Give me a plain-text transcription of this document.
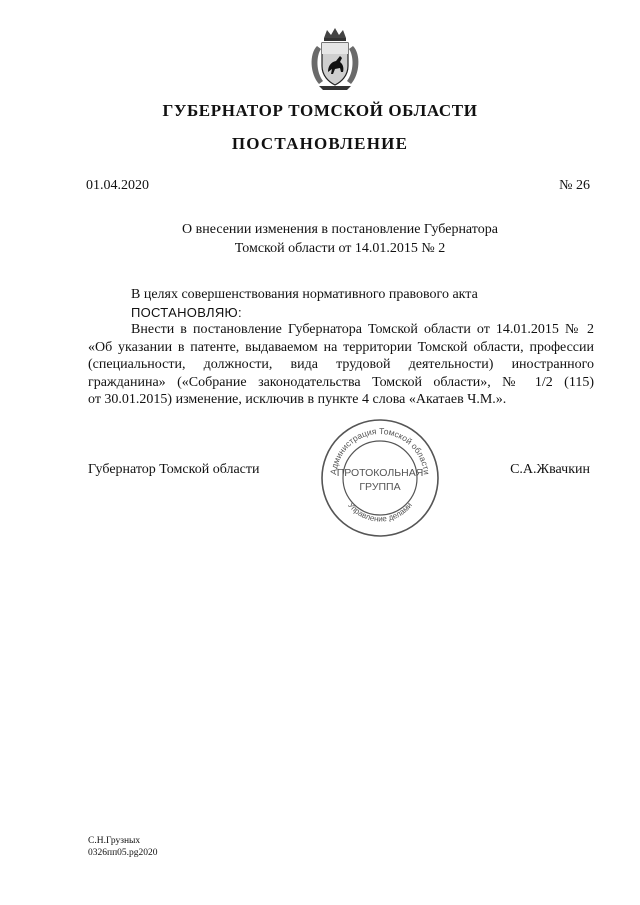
ГУБЕРНАТОР ТОМСКОЙ ОБЛАСТИ
ПОСТАНОВЛЕНИЕ
01.04.2020	№ 26
О внесении изменения в постановление Губернатора
Томской области от 14.01.2015 № 2
В целях совершенствования нормативного правового акта
ПОСТАНОВЛЯЮ:
Внести в постановление Губернатора Томской области от 14.01.2015 № 2
«Об указании в патенте, выдаваемом на территории Томской области, профессии
(специальности, должности, вида трудовой деятельности) иностранного
гражданина» («Собрание законодательства Томской области», № 1/2 (115)
от 30.01.2015) изменение, исключив в пункте 4 слова «Акатаев Ч.М.».
Губернатор Томской области	С.А.Жвачкин
Администрация Томской области
Управление делами
ПРОТОКОЛЬНАЯ
ГРУППА
С.Н.Грузных
0326пп05.pg2020
